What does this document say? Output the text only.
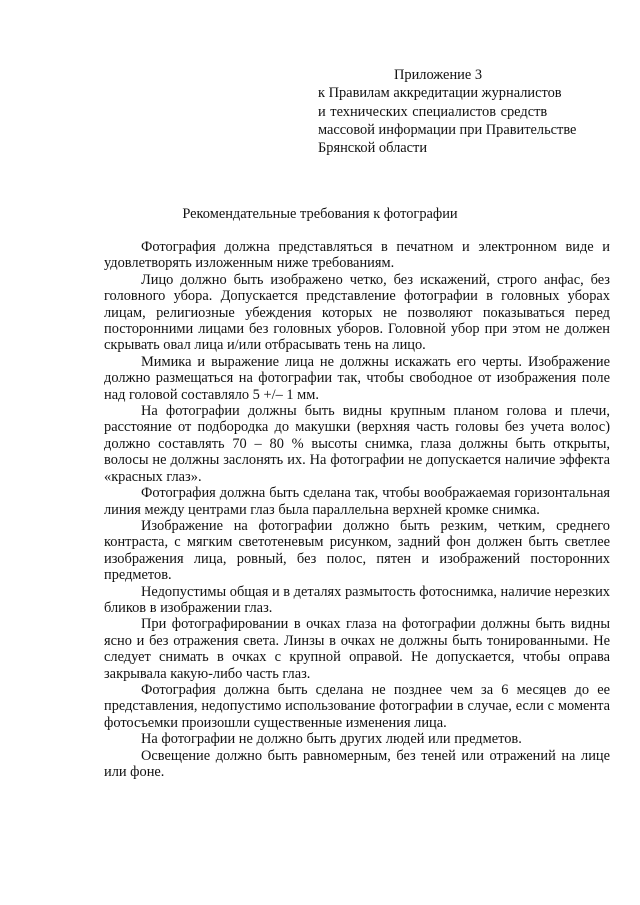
Приложение 3
к Правилам аккредитации журналистов
и технических специалистов средств
массовой информации при Правительстве
Брянской области
Рекомендательные требования к фотографии

Фотография должна представляться в печатном и электронном виде и удовлетворять изложенным ниже требованиям.

Лицо должно быть изображено четко, без искажений, строго анфас, без головного убора. Допускается представление фотографии в головных уборах лицам, религиозные убеждения которых не позволяют показываться перед посторонними лицами без головных уборов. Головной убор при этом не должен скрывать овал лица и/или отбрасывать тень на лицо.

Мимика и выражение лица не должны искажать его черты. Изображение должно размещаться на фотографии так, чтобы свободное от изображения поле над головой составляло 5 +/– 1 мм.

На фотографии должны быть видны крупным планом голова и плечи, расстояние от подбородка до макушки (верхняя часть головы без учета волос) должно составлять 70 – 80 % высоты снимка, глаза должны быть открыты, волосы не должны заслонять их. На фотографии не допускается наличие эффекта «красных глаз».

Фотография должна быть сделана так, чтобы воображаемая горизонтальная линия между центрами глаз была параллельна верхней кромке снимка.

Изображение на фотографии должно быть резким, четким, среднего контраста, с мягким светотеневым рисунком, задний фон должен быть светлее изображения лица, ровный, без полос, пятен и изображений посторонних предметов.

Недопустимы общая и в деталях размытость фотоснимка, наличие нерезких бликов в изображении глаз.

При фотографировании в очках глаза на фотографии должны быть видны ясно и без отражения света. Линзы в очках не должны быть тонированными. Не следует снимать в очках с крупной оправой. Не допускается, чтобы оправа закрывала какую-либо часть глаз.

Фотография должна быть сделана не позднее чем за 6 месяцев до ее представления, недопустимо использование фотографии в случае, если с момента фотосъемки произошли существенные изменения лица.

На фотографии не должно быть других людей или предметов.

Освещение должно быть равномерным, без теней или отражений на лице или фоне.
